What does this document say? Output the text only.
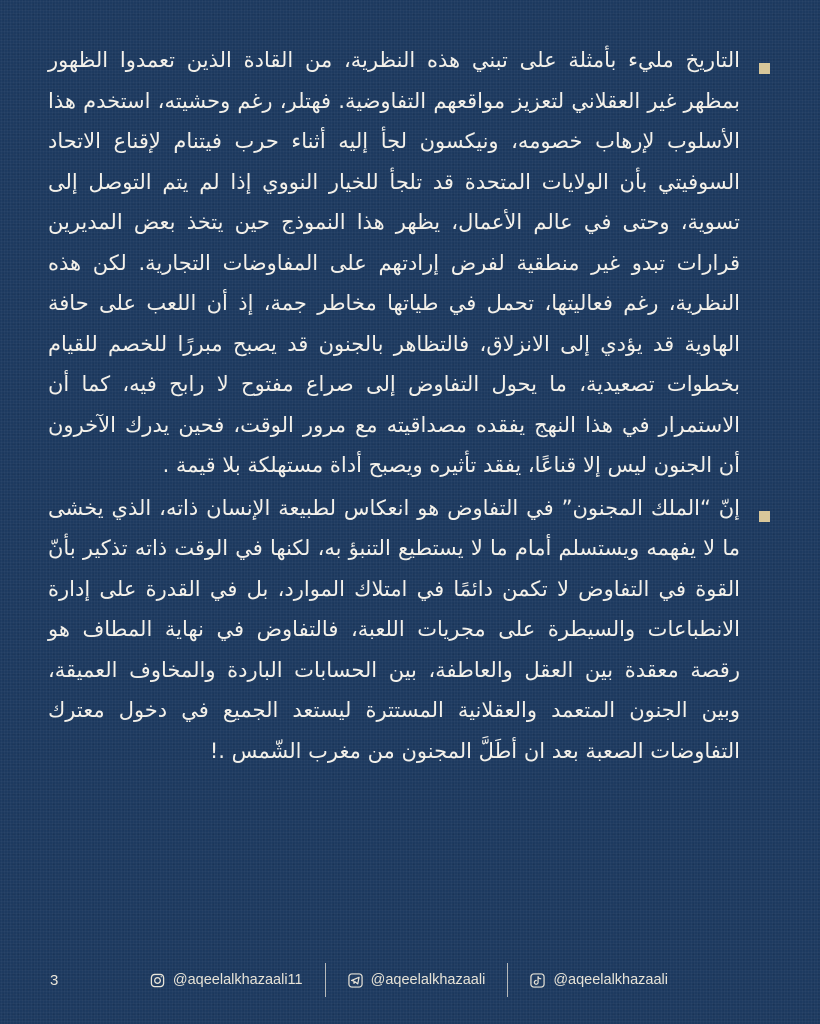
التاريخ مليء بأمثلة على تبني هذه النظرية، من القادة الذين تعمدوا الظهور بمظهر غير العقلاني لتعزيز مواقعهم التفاوضية. فهتلر، رغم وحشيته، استخدم هذا الأسلوب لإرهاب خصومه، ونيكسون لجأ إليه أثناء حرب فيتنام لإقناع الاتحاد السوفيتي بأن الولايات المتحدة قد تلجأ للخيار النووي إذا لم يتم التوصل إلى تسوية، وحتى في عالم الأعمال، يظهر هذا النموذج حين يتخذ بعض المديرين قرارات تبدو غير منطقية لفرض إرادتهم على المفاوضات التجارية. لكن هذه النظرية، رغم فعاليتها، تحمل في طياتها مخاطر جمة، إذ أن اللعب على حافة الهاوية قد يؤدي إلى الانزلاق، فالتظاهر بالجنون قد يصبح مبررًا للخصم للقيام بخطوات تصعيدية، ما يحول التفاوض إلى صراع مفتوح لا رابح فيه، كما أن الاستمرار في هذا النهج يفقده مصداقيته مع مرور الوقت، فحين يدرك الآخرون أن الجنون ليس إلا قناعًا، يفقد تأثيره ويصبح أداة مستهلكة بلا قيمة .

إنّ “الملك المجنون” في التفاوض هو انعكاس لطبيعة الإنسان ذاته، الذي يخشى ما لا يفهمه ويستسلم أمام ما لا يستطيع التنبؤ به، لكنها في الوقت ذاته تذكير بأنّ القوة في التفاوض لا تكمن دائمًا في امتلاك الموارد، بل في القدرة على إدارة الانطباعات والسيطرة على مجريات اللعبة، فالتفاوض في نهاية المطاف هو رقصة معقدة بين العقل والعاطفة، بين الحسابات الباردة والمخاوف العميقة، وبين الجنون المتعمد والعقلانية المستترة ليستعد الجميع في دخول معترك التفاوضات الصعبة بعد ان أطَلَّ المجنون من مغرب الشّمس .!

3	@aqeelalkhazaali11	@aqeelalkhazaali	@aqeelalkhazaali
